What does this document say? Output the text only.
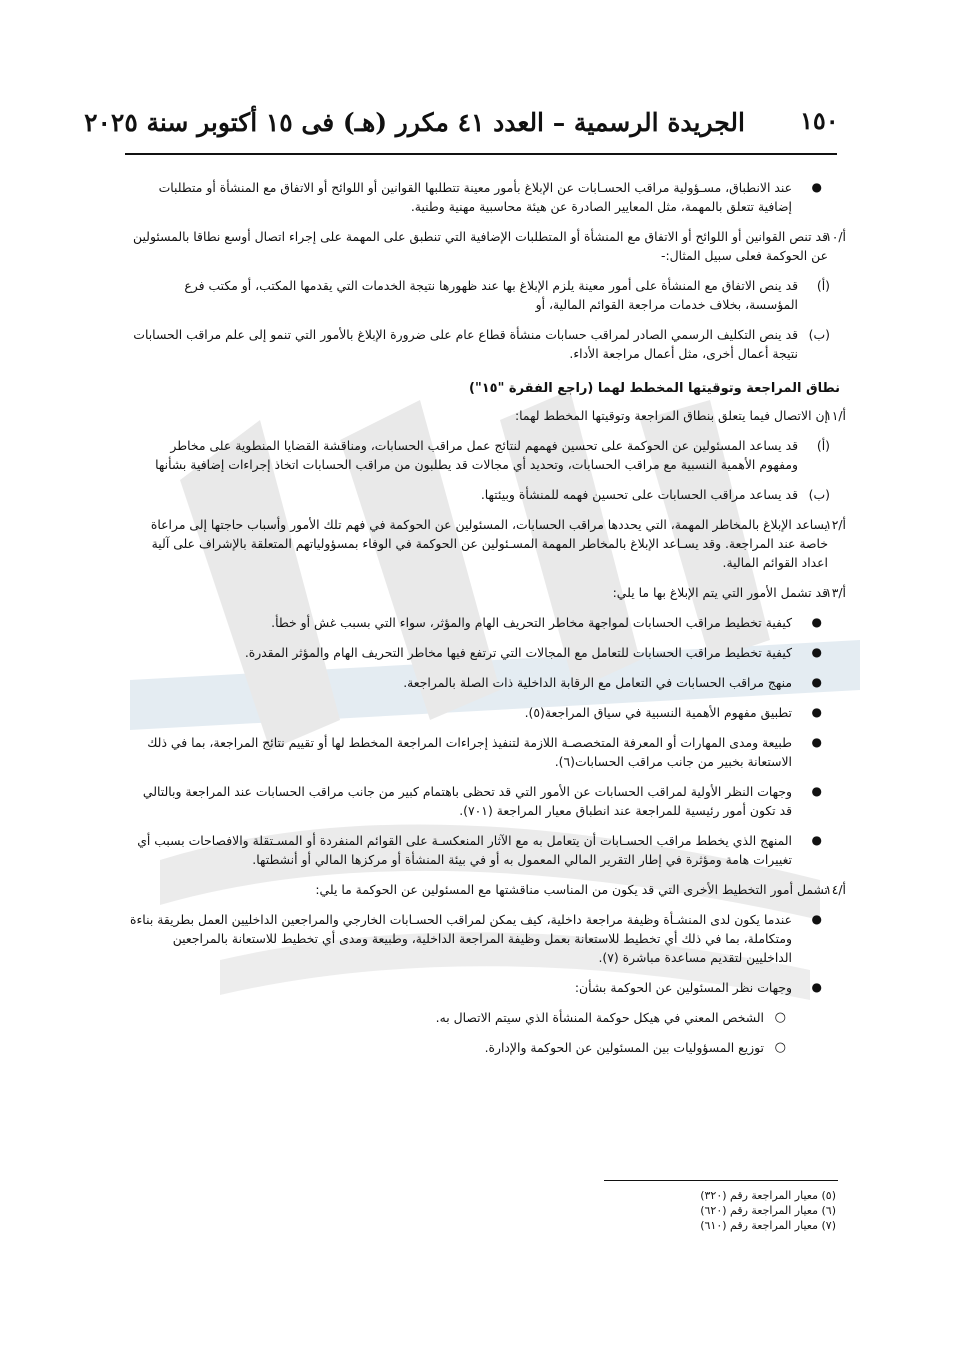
الجريدة الرسمية – العدد ٤١ مكرر (هـ) فى ١٥ أكتوبر سنة ٢٠٢٥ ١٥٠
●
عند الانطباق، مسـؤولية مراقب الحسـابات عن الإبلاغ بأمور معينة تتطلبها القوانين أو اللوائح أو الاتفاق مع المنشأة أو متطلبات إضافية تتعلق بالمهمة، مثل المعايير الصادرة عن هيئة محاسبية مهنية وطنية.
أ/١٠
قد تنص القوانين أو اللوائح أو الاتفاق مع المنشأة أو المتطلبات الإضافية التي تنطبق على المهمة على إجراء اتصال أوسع نطاقا بالمسئولين عن الحوكمة فعلى سبيل المثال:-
(أ)
قد ينص الاتفاق مع المنشأة على أمور معينة يلزم الإبلاغ بها عند ظهورها نتيجة الخدمات التي يقدمها المكتب، أو مكتب فرع المؤسسة، بخلاف خدمات مراجعة القوائم المالية، أو
(ب)
قد ينص التكليف الرسمي الصادر لمراقب حسابات منشأة قطاع عام على ضرورة الإبلاغ بالأمور التي تنمو إلى علم مراقب الحسابات نتيجة أعمال أخرى، مثل أعمال مراجعة الأداء.
نطاق المراجعة وتوقيتها المخطط لهما (راجع الفقرة "١٥")
أ/١١
إن الاتصال فيما يتعلق بنطاق المراجعة وتوقيتها المخطط لهما:
(أ)
قد يساعد المسئولين عن الحوكمة على تحسين فهمهم لنتائج عمل مراقب الحسابات، ومناقشة القضايا المنطوية على مخاطر ومفهوم الأهمية النسبية مع مراقب الحسابات، وتحديد أي مجالات قد يطلبون من مراقب الحسابات اتخاذ إجراءات إضافية بشأنها
(ب)
قد يساعد مراقب الحسابات على تحسين فهمه للمنشأة وبيئتها.
أ/١٢
يساعد الإبلاغ بالمخاطر المهمة، التي يحددها مراقب الحسابات، المسئولين عن الحوكمة في فهم تلك الأمور وأسباب حاجتها إلى مراعاة خاصة عند المراجعة. وقد يسـاعد الإبلاغ بالمخاطر المهمة المسـئولين عن الحوكمة في الوفاء بمسؤولياتهم المتعلقة بالإشراف على آلية اعداد القوائم المالية.
أ/١٣
قد تشمل الأمور التي يتم الإبلاغ بها ما يلي:
●
كيفية تخطيط مراقب الحسابات لمواجهة مخاطر التحريف الهام والمؤثر، سواء التي بسبب غش أو خطأ.
●
كيفية تخطيط مراقب الحسابات للتعامل مع المجالات التي ترتفع فيها مخاطر التحريف الهام والمؤثر المقدرة.
●
منهج مراقب الحسابات في التعامل مع الرقابة الداخلية ذات الصلة بالمراجعة.
●
تطبيق مفهوم الأهمية النسبية في سياق المراجعة(٥).
●
طبيعة ومدى المهارات أو المعرفة المتخصصـة اللازمة لتنفيذ إجراءات المراجعة المخطط لها أو تقييم نتائج المراجعة، بما في ذلك الاستعانة بخبير من جانب مراقب الحسابات(٦).
●
وجهات النظر الأولية لمراقب الحسابات عن الأمور التي قد تحظى باهتمام كبير من جانب مراقب الحسابات عند المراجعة وبالتالي قد تكون أمور رئيسية للمراجعة عند انطباق معيار المراجعة (٧٠١).
●
المنهج الذي يخطط مراقب الحسـابات أن يتعامل به مع الآثار المنعكسـة على القوائم المنفردة أو المسـتقلة والافصاحات بسبب أي تغييرات هامة ومؤثرة في إطار التقرير المالي المعمول به أو في بيئة المنشأة أو مركزها المالي أو أنشطتها.
أ/١٤
تشمل أمور التخطيط الأخرى التي قد يكون من المناسب مناقشتها مع المسئولين عن الحوكمة ما يلي:
●
عندما يكون لدى المنشـأة وظيفة مراجعة داخلية، كيف يمكن لمراقب الحسـابات الخارجي والمراجعين الداخليين العمل بطريقة بناءة ومتكاملة، بما في ذلك أي تخطيط للاستعانة بعمل وظيفة المراجعة الداخلية، وطبيعة ومدى أي تخطيط للاستعانة بالمراجعين الداخليين لتقديم مساعدة مباشرة (٧).
●
وجهات نظر المسئولين عن الحوكمة بشأن:
○
الشخص المعني في هيكل حوكمة المنشأة الذي سيتم الاتصال به.
○
توزيع المسؤوليات بين المسئولين عن الحوكمة والإدارة.
(٥) معيار المراجعة رقم (٣٢٠)
(٦) معيار المراجعة رقم (٦٢٠)
(٧) معيار المراجعة رقم (٦١٠)
